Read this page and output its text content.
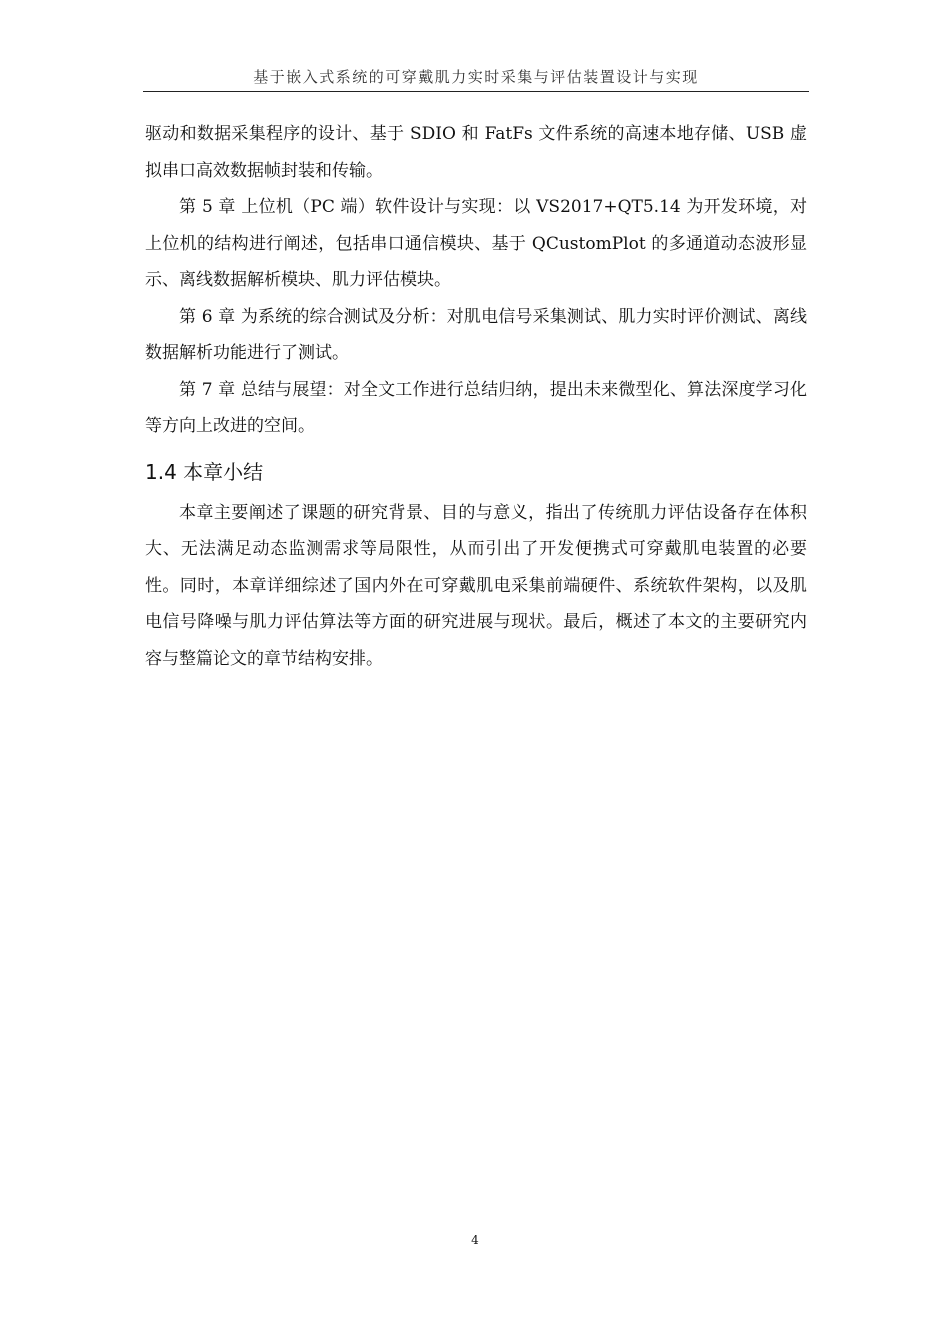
基于嵌入式系统的可穿戴肌力实时采集与评估装置设计与实现

驱动和数据采集程序的设计、基于 SDIO 和 FatFs 文件系统的高速本地存储、USB 虚拟串口高效数据帧封装和传输。

第 5 章 上位机（PC 端）软件设计与实现：以 VS2017+QT5.14 为开发环境，对上位机的结构进行阐述，包括串口通信模块、基于 QCustomPlot 的多通道动态波形显示、离线数据解析模块、肌力评估模块。

第 6 章 为系统的综合测试及分析：对肌电信号采集测试、肌力实时评价测试、离线数据解析功能进行了测试。

第 7 章 总结与展望：对全文工作进行总结归纳，提出未来微型化、算法深度学习化等方向上改进的空间。

1.4 本章小结

本章主要阐述了课题的研究背景、目的与意义，指出了传统肌力评估设备存在体积大、无法满足动态监测需求等局限性，从而引出了开发便携式可穿戴肌电装置的必要性。同时，本章详细综述了国内外在可穿戴肌电采集前端硬件、系统软件架构，以及肌电信号降噪与肌力评估算法等方面的研究进展与现状。最后，概述了本文的主要研究内容与整篇论文的章节结构安排。

4
